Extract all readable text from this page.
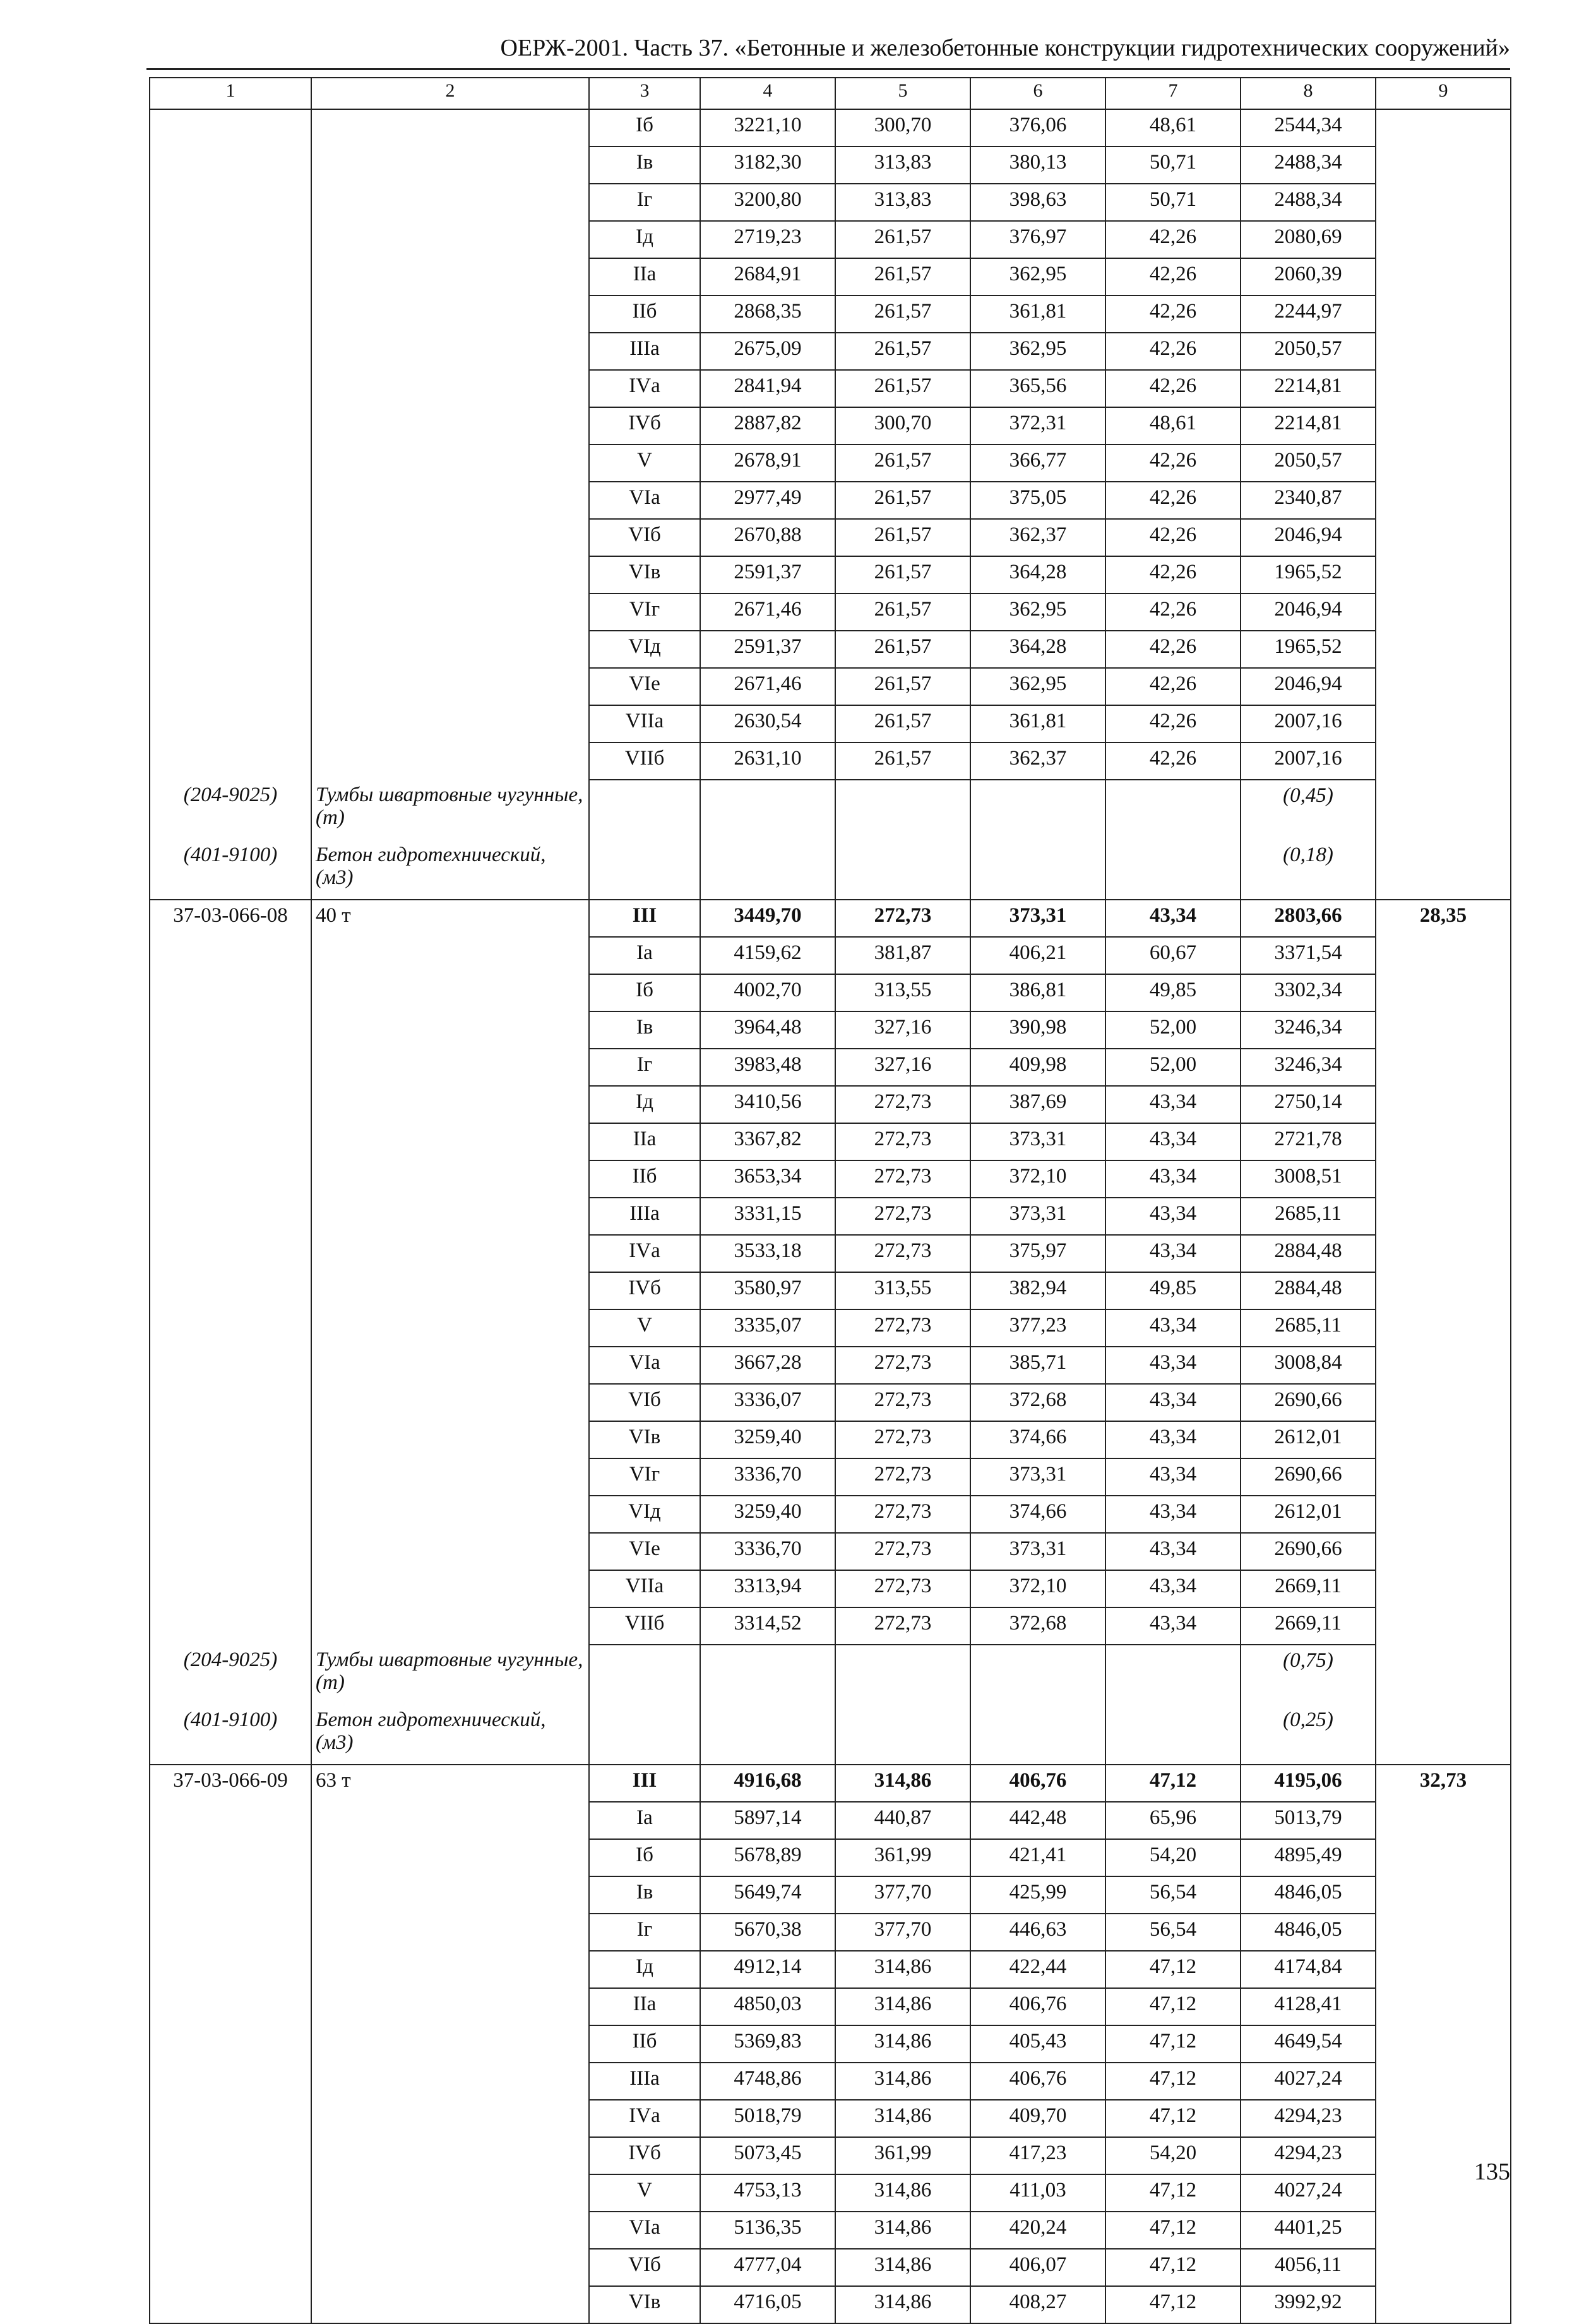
ОЕРЖ-2001. Часть 37. «Бетонные и железобетонные конструкции гидротехнических сооружений»
1	2	3	4	5	6	7	8	9
		Iб	3221,10	300,70	376,06	48,61	2544,34	
		Iв	3182,30	313,83	380,13	50,71	2488,34	
		Iг	3200,80	313,83	398,63	50,71	2488,34	
		Iд	2719,23	261,57	376,97	42,26	2080,69	
		IIа	2684,91	261,57	362,95	42,26	2060,39	
		IIб	2868,35	261,57	361,81	42,26	2244,97	
		IIIа	2675,09	261,57	362,95	42,26	2050,57	
		IVа	2841,94	261,57	365,56	42,26	2214,81	
		IVб	2887,82	300,70	372,31	48,61	2214,81	
		V	2678,91	261,57	366,77	42,26	2050,57	
		VIа	2977,49	261,57	375,05	42,26	2340,87	
		VIб	2670,88	261,57	362,37	42,26	2046,94	
		VIв	2591,37	261,57	364,28	42,26	1965,52	
		VIг	2671,46	261,57	362,95	42,26	2046,94	
		VIд	2591,37	261,57	364,28	42,26	1965,52	
		VIе	2671,46	261,57	362,95	42,26	2046,94	
		VIIа	2630,54	261,57	361,81	42,26	2007,16	
		VIIб	2631,10	261,57	362,37	42,26	2007,16	
(204-9025)	Тумбы швартовные чугунные, (т)						(0,45)	
(401-9100)	Бетон гидротехнический, (м3)						(0,18)	
37-03-066-08	40 т	III	3449,70	272,73	373,31	43,34	2803,66	28,35
		Iа	4159,62	381,87	406,21	60,67	3371,54	
		Iб	4002,70	313,55	386,81	49,85	3302,34	
		Iв	3964,48	327,16	390,98	52,00	3246,34	
		Iг	3983,48	327,16	409,98	52,00	3246,34	
		Iд	3410,56	272,73	387,69	43,34	2750,14	
		IIа	3367,82	272,73	373,31	43,34	2721,78	
		IIб	3653,34	272,73	372,10	43,34	3008,51	
		IIIа	3331,15	272,73	373,31	43,34	2685,11	
		IVа	3533,18	272,73	375,97	43,34	2884,48	
		IVб	3580,97	313,55	382,94	49,85	2884,48	
		V	3335,07	272,73	377,23	43,34	2685,11	
		VIа	3667,28	272,73	385,71	43,34	3008,84	
		VIб	3336,07	272,73	372,68	43,34	2690,66	
		VIв	3259,40	272,73	374,66	43,34	2612,01	
		VIг	3336,70	272,73	373,31	43,34	2690,66	
		VIд	3259,40	272,73	374,66	43,34	2612,01	
		VIе	3336,70	272,73	373,31	43,34	2690,66	
		VIIа	3313,94	272,73	372,10	43,34	2669,11	
		VIIб	3314,52	272,73	372,68	43,34	2669,11	
(204-9025)	Тумбы швартовные чугунные, (т)						(0,75)	
(401-9100)	Бетон гидротехнический, (м3)						(0,25)	
37-03-066-09	63 т	III	4916,68	314,86	406,76	47,12	4195,06	32,73
		Iа	5897,14	440,87	442,48	65,96	5013,79	
		Iб	5678,89	361,99	421,41	54,20	4895,49	
		Iв	5649,74	377,70	425,99	56,54	4846,05	
		Iг	5670,38	377,70	446,63	56,54	4846,05	
		Iд	4912,14	314,86	422,44	47,12	4174,84	
		IIа	4850,03	314,86	406,76	47,12	4128,41	
		IIб	5369,83	314,86	405,43	47,12	4649,54	
		IIIа	4748,86	314,86	406,76	47,12	4027,24	
		IVа	5018,79	314,86	409,70	47,12	4294,23	
		IVб	5073,45	361,99	417,23	54,20	4294,23	
		V	4753,13	314,86	411,03	47,12	4027,24	
		VIа	5136,35	314,86	420,24	47,12	4401,25	
		VIб	4777,04	314,86	406,07	47,12	4056,11	
		VIв	4716,05	314,86	408,27	47,12	3992,92	
135
